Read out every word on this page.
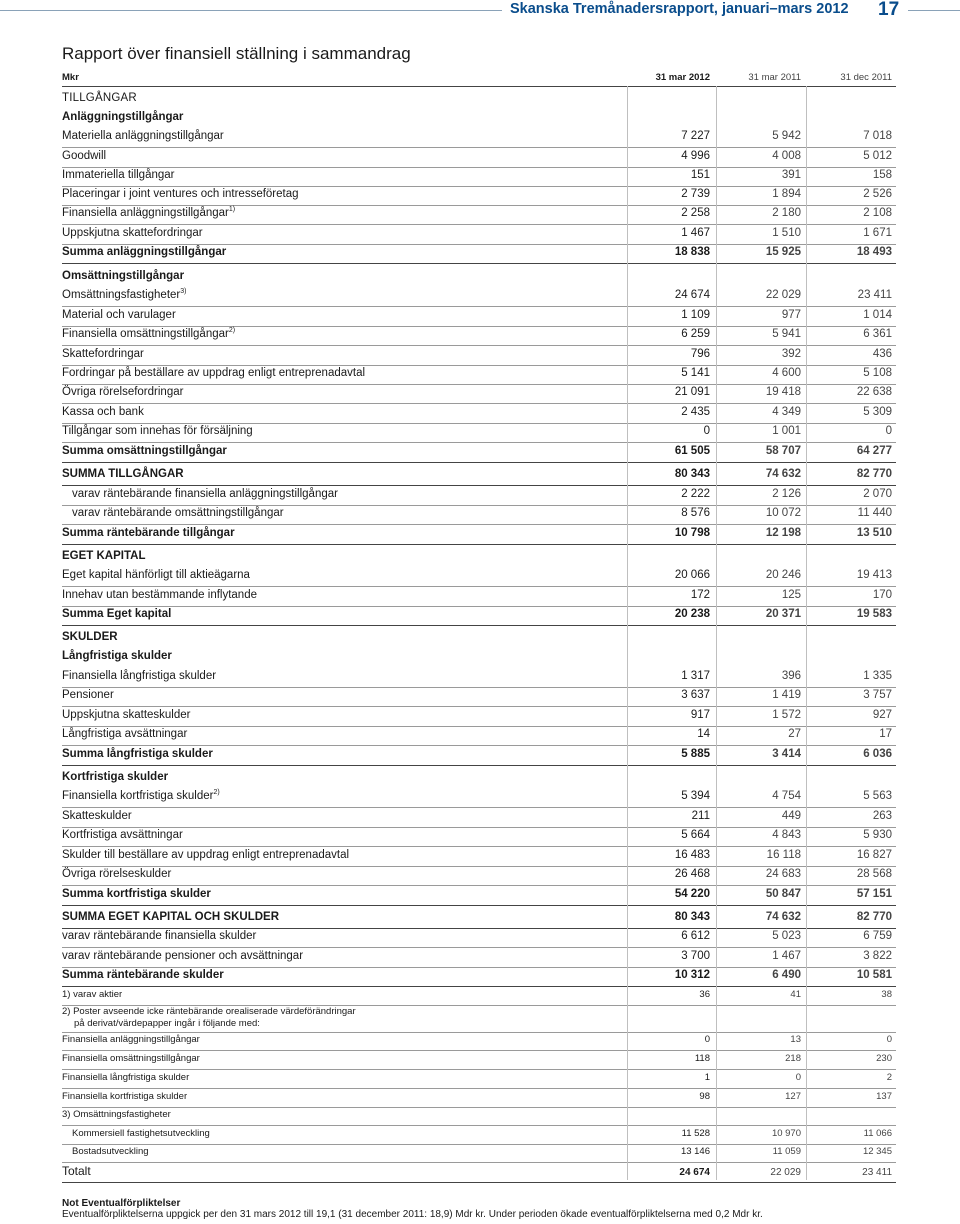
Skanska Tremånadersrapport, januari–mars 2012 17
Rapport över finansiell ställning i sammandrag
Mkr	31 mar 2012	31 mar 2011	31 dec 2011
TILLGÅNGAR
Anläggningstillgångar
Materiella anläggningstillgångar	7 227	5 942	7 018
Goodwill	4 996	4 008	5 012
Immateriella tillgångar	151	391	158
Placeringar i joint ventures och intresseföretag	2 739	1 894	2 526
Finansiella anläggningstillgångar$^{1)}$	2 258	2 180	2 108
Uppskjutna skattefordringar	1 467	1 510	1 671
Summa anläggningstillgångar	18 838	15 925	18 493
Omsättningstillgångar
Omsättningsfastigheter$^{3)}$	24 674	22 029	23 411
Material och varulager	1 109	977	1 014
Finansiella omsättningstillgångar$^{2)}$	6 259	5 941	6 361
Skattefordringar	796	392	436
Fordringar på beställare av uppdrag enligt entreprenadavtal	5 141	4 600	5 108
Övriga rörelsefordringar	21 091	19 418	22 638
Kassa och bank	2 435	4 349	5 309
Tillgångar som innehas för försäljning	0	1 001	0
Summa omsättningstillgångar	61 505	58 707	64 277
SUMMA TILLGÅNGAR	80 343	74 632	82 770
varav räntebärande finansiella anläggningstillgångar	2 222	2 126	2 070
varav räntebärande omsättningstillgångar	8 576	10 072	11 440
Summa räntebärande tillgångar	10 798	12 198	13 510
EGET KAPITAL
Eget kapital hänförligt till aktieägarna	20 066	20 246	19 413
Innehav utan bestämmande inflytande	172	125	170
Summa Eget kapital	20 238	20 371	19 583
SKULDER
Långfristiga skulder
Finansiella långfristiga skulder	1 317	396	1 335
Pensioner	3 637	1 419	3 757
Uppskjutna skatteskulder	917	1 572	927
Långfristiga avsättningar	14	27	17
Summa långfristiga skulder	5 885	3 414	6 036
Kortfristiga skulder
Finansiella kortfristiga skulder$^{2)}$	5 394	4 754	5 563
Skatteskulder	211	449	263
Kortfristiga avsättningar	5 664	4 843	5 930
Skulder till beställare av uppdrag enligt entreprenadavtal	16 483	16 118	16 827
Övriga rörelseskulder	26 468	24 683	28 568
Summa kortfristiga skulder	54 220	50 847	57 151
SUMMA EGET KAPITAL OCH SKULDER	80 343	74 632	82 770
varav räntebärande finansiella skulder	6 612	5 023	6 759
varav räntebärande pensioner och avsättningar	3 700	1 467	3 822
Summa räntebärande skulder	10 312	6 490	10 581
1) varav aktier	36	41	38
2) Poster avseende icke räntebärande orealiserade värdeförändringar
på derivat/värdepapper ingår i följande med:
Finansiella anläggningstillgångar	0	13	0
Finansiella omsättningstillgångar	118	218	230
Finansiella långfristiga skulder	1	0	2
Finansiella kortfristiga skulder	98	127	137
3) Omsättningsfastigheter
Kommersiell fastighetsutveckling	11 528	10 970	11 066
Bostadsutveckling	13 146	11 059	12 345
Totalt	24 674	22 029	23 411
Not Eventualförpliktelser
Eventualförpliktelserna uppgick per den 31 mars 2012 till 19,1 (31 december 2011: 18,9) Mdr kr. Under perioden ökade eventualförpliktelserna med 0,2 Mdr kr.
